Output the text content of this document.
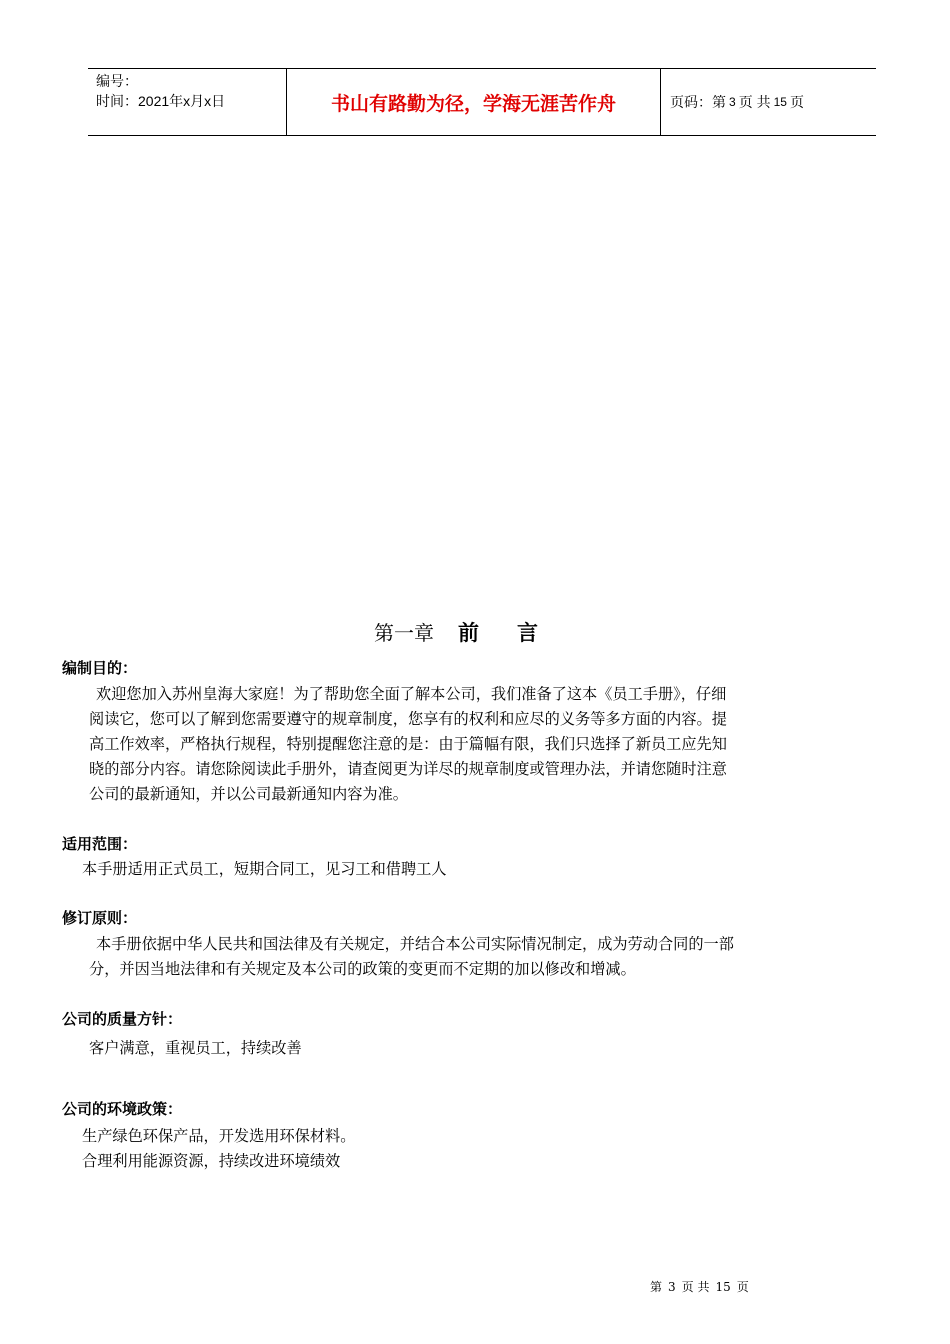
编号：
时间：2021年x月x日	书山有路勤为径，学海无涯苦作舟	页码：第 3 页 共 15 页
第一章 前言
编制目的：
欢迎您加入苏州皇海大家庭！为了帮助您全面了解本公司，我们准备了这本《员工手册》，仔细
阅读它，您可以了解到您需要遵守的规章制度，您享有的权利和应尽的义务等多方面的内容。提
高工作效率，严格执行规程，特别提醒您注意的是：由于篇幅有限，我们只选择了新员工应先知
晓的部分内容。请您除阅读此手册外，请查阅更为详尽的规章制度或管理办法，并请您随时注意
公司的最新通知，并以公司最新通知内容为准。
适用范围：
本手册适用正式员工，短期合同工，见习工和借聘工人
修订原则：
本手册依据中华人民共和国法律及有关规定，并结合本公司实际情况制定，成为劳动合同的一部
分，并因当地法律和有关规定及本公司的政策的变更而不定期的加以修改和增减。
公司的质量方针：
客户满意，重视员工，持续改善
公司的环境政策：
生产绿色环保产品，开发选用环保材料。
合理利用能源资源，持续改进环境绩效
第 3 页 共 15 页
